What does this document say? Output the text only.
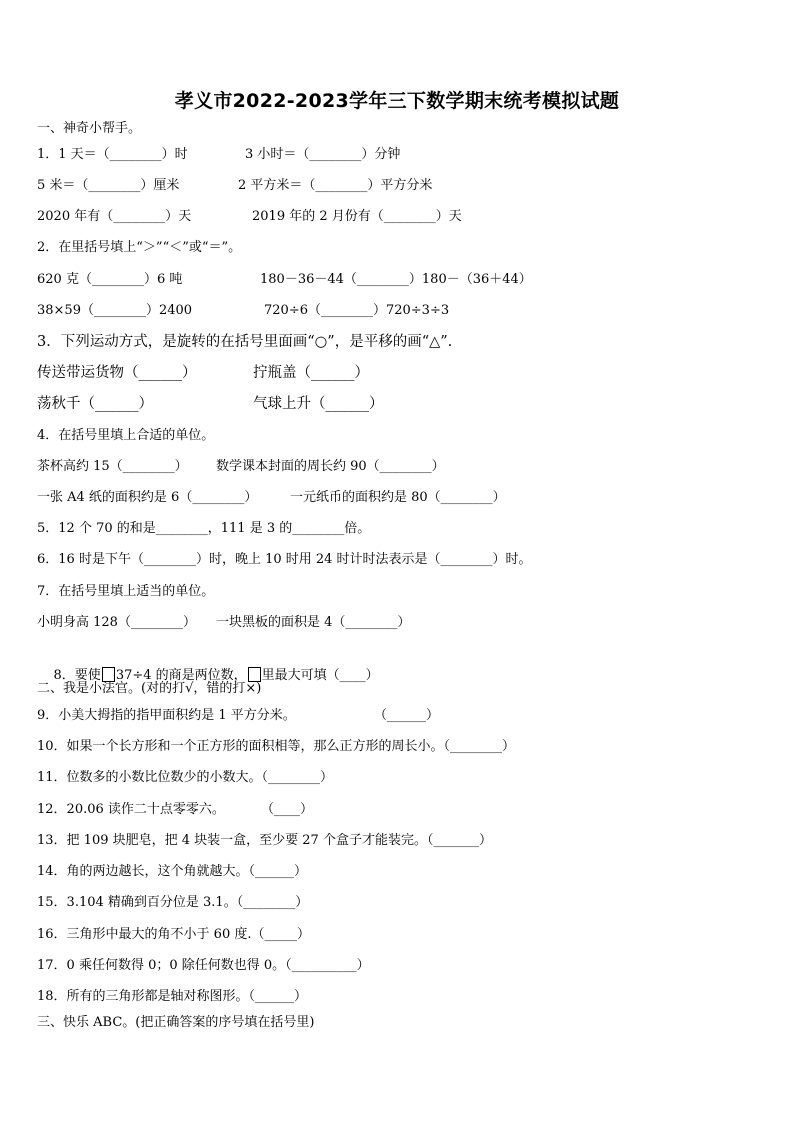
孝义市2022-2023学年三下数学期末统考模拟试题
一、神奇小帮手。
1．1 天＝（________）时	3 小时＝（________）分钟
5 米＝（________）厘米	2 平方米＝（________）平方分米
2020 年有（________）天	2019 年的 2 月份有（________）天
2．在里括号填上“＞”“＜”或“＝”。
620 克（________）6 吨	180－36－44（________）180－（36＋44）
38×59（________）2400	720÷6（________）720÷3÷3
3．下列运动方式，是旋转的在括号里面画“○”，是平移的画“△”.
传送带运货物（______）	拧瓶盖（______）
荡秋千（______）	气球上升（______）
4．在括号里填上合适的单位。
茶杯高约 15（________） 数学课本封面的周长约 90（________）
一张 A4 纸的面积约是 6（________）	一元纸币的面积约是 80（________）
5．12 个 70 的和是________，111 是 3 的________倍。
6．16 时是下午（________）时，晚上 10 时用 24 时计时法表示是（________）时。
7．在括号里填上适当的单位。
小明身高 128（________） 一块黑板的面积是 4（________）

8．要使 37÷4 的商是两位数， 里最大可填（____）

二、我是小法官。(对的打√，错的打×)
9．小美大拇指的指甲面积约是 1 平方分米。	（______）
10．如果一个长方形和一个正方形的面积相等，那么正方形的周长小。（________）
11．位数多的小数比位数少的小数大。（________）
12．20.06 读作二十点零零六。	（____）
13．把 109 块肥皂，把 4 块装一盒，至少要 27 个盒子才能装完。（_______）
14．角的两边越长，这个角就越大。（______）
15．3.104 精确到百分位是 3.1。（________）
16．三角形中最大的角不小于 60 度.（_____）
17．0 乘任何数得 0；0 除任何数也得 0。（__________）
18．所有的三角形都是轴对称图形。（______）
三、快乐 ABC。(把正确答案的序号填在括号里)
